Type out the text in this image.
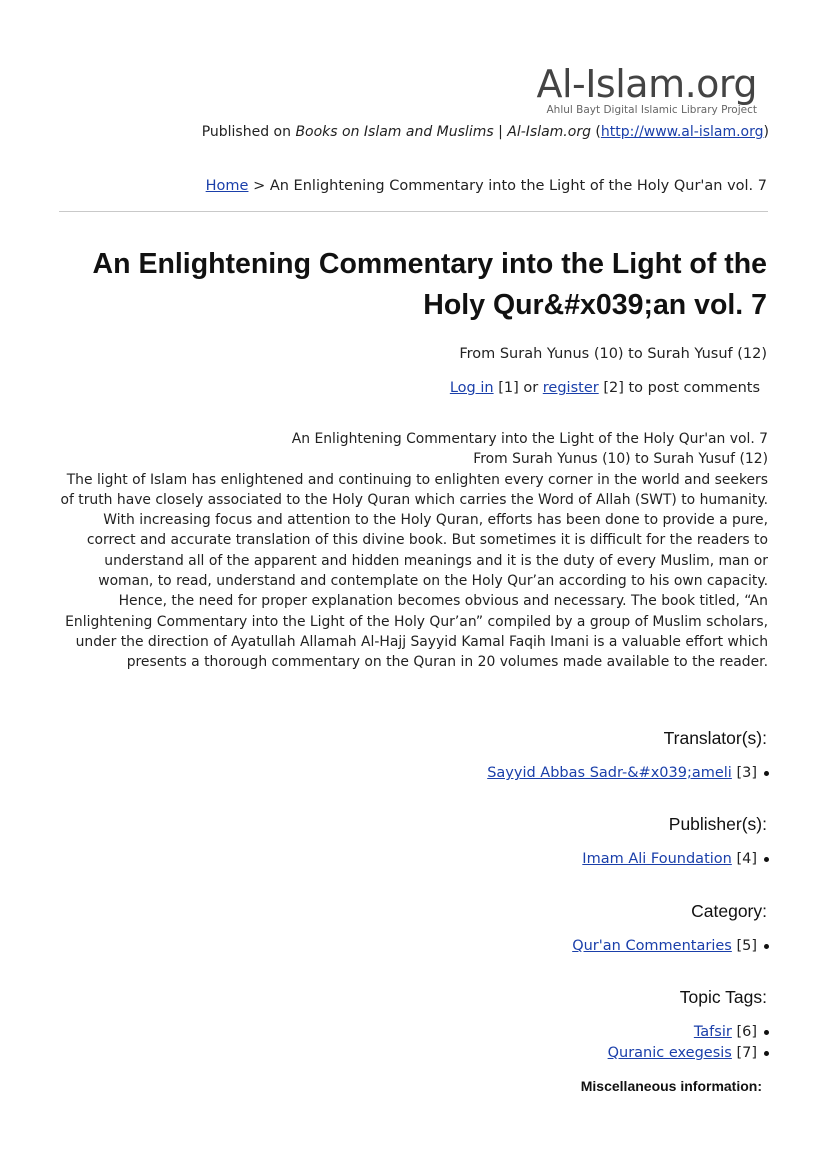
Al-Islam.org
Ahlul Bayt Digital Islamic Library Project
Published on Books on Islam and Muslims | Al-Islam.org (http://www.al-islam.org)
Home > An Enlightening Commentary into the Light of the Holy Qur'an vol. 7
An Enlightening Commentary into the Light of the Holy Qur&#x039;an vol. 7
From Surah Yunus (10) to Surah Yusuf (12)
Log in [1] or register [2] to post comments
An Enlightening Commentary into the Light of the Holy Qur'an vol. 7
From Surah Yunus (10) to Surah Yusuf (12)
The light of Islam has enlightened and continuing to enlighten every corner in the world and seekers of truth have closely associated to the Holy Quran which carries the Word of Allah (SWT) to humanity. With increasing focus and attention to the Holy Quran, efforts has been done to provide a pure, correct and accurate translation of this divine book. But sometimes it is difficult for the readers to understand all of the apparent and hidden meanings and it is the duty of every Muslim, man or woman, to read, understand and contemplate on the Holy Qur’an according to his own capacity. Hence, the need for proper explanation becomes obvious and necessary. The book titled, “An Enlightening Commentary into the Light of the Holy Qur’an” compiled by a group of Muslim scholars, under the direction of Ayatullah Allamah Al-Hajj Sayyid Kamal Faqih Imani is a valuable effort which presents a thorough commentary on the Quran in 20 volumes made available to the reader.
Translator(s):
Sayyid Abbas Sadr-&#x039;ameli [3]
Publisher(s):
Imam Ali Foundation [4]
Category:
Qur'an Commentaries [5]
Topic Tags:
Tafsir [6]
Quranic exegesis [7]
Miscellaneous information:
